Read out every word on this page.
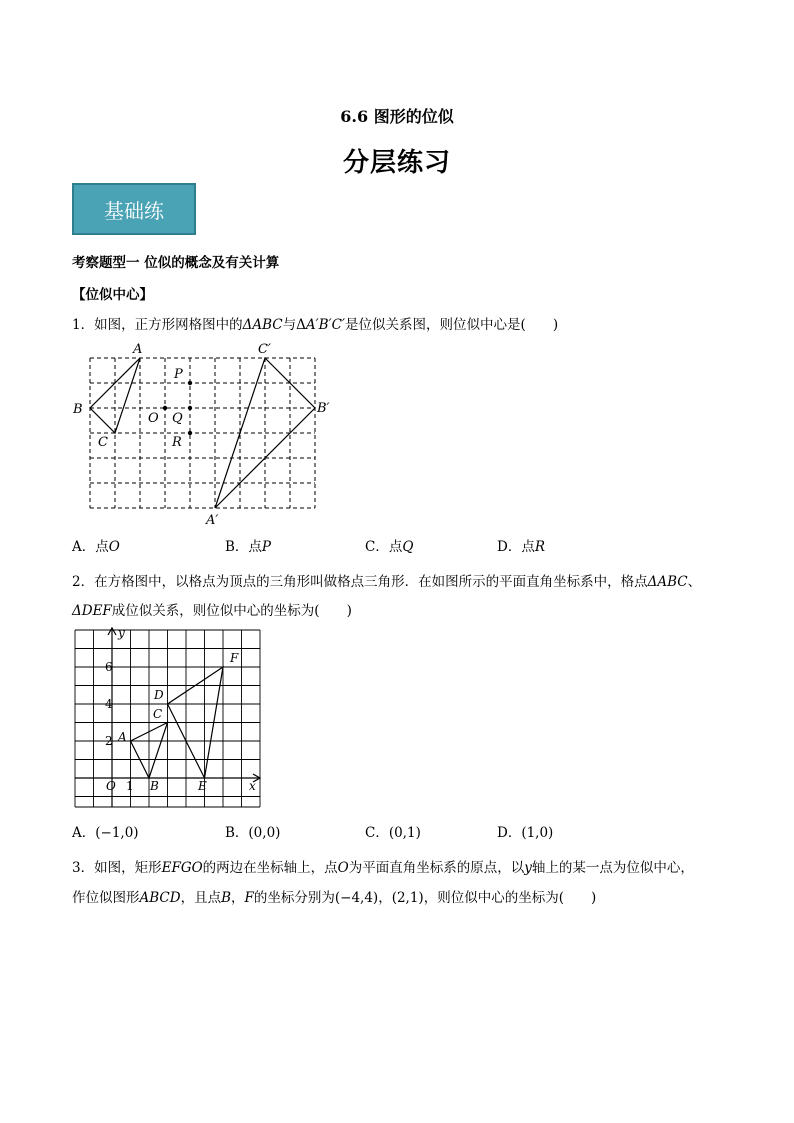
6.6 图形的位似
分层练习
基础练
考察题型一 位似的概念及有关计算
【位似中心】
1．如图，正方形网格图中的ΔABC与ΔA′B′C′是位似关系图，则位似中心是(　　)
A
B
C
C′
B′
A′
P
O Q
R
A．点O	B．点P	C．点Q	D．点R
2．在方格图中，以格点为顶点的三角形叫做格点三角形．在如图所示的平面直角坐标系中，格点ΔABC、
ΔDEF成位似关系，则位似中心的坐标为(　　)
y
x
O
A
B
C
D
E
F
6
4
2
1
A．(−1,0)	B．(0,0)	C．(0,1)	D．(1,0)
3．如图，矩形EFGO的两边在坐标轴上，点O为平面直角坐标系的原点，以y轴上的某一点为位似中心，
作位似图形ABCD，且点B，F的坐标分别为(−4,4)，(2,1)，则位似中心的坐标为(　　)
